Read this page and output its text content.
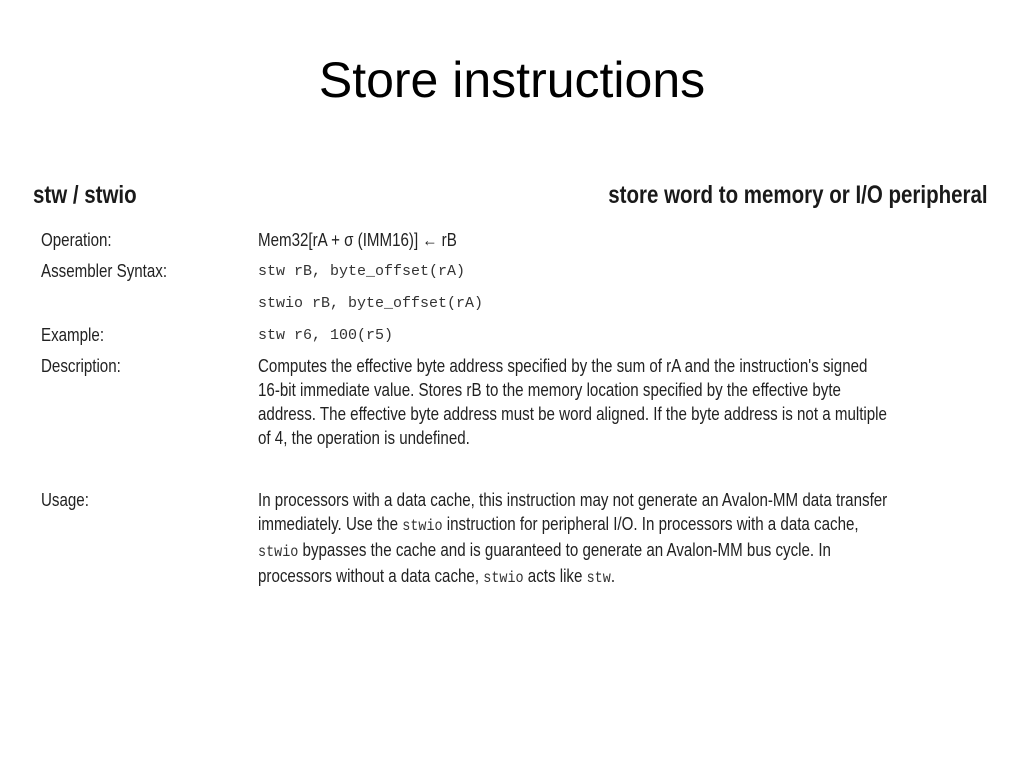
Store instructions
stw / stwio	store word to memory or I/O peripheral
Operation:	Mem32[rA + σ (IMM16)] ← rB
Assembler Syntax:	stw rB, byte_offset(rA)
stwio rB, byte_offset(rA)
Example:	stw r6, 100(r5)
Description:	Computes the effective byte address specified by the sum of rA and the instruction's signed
16-bit immediate value. Stores rB to the memory location specified by the effective byte
address. The effective byte address must be word aligned. If the byte address is not a multiple
of 4, the operation is undefined.
Usage:	In processors with a data cache, this instruction may not generate an Avalon-MM data transfer
immediately. Use the stwio instruction for peripheral I/O. In processors with a data cache,
stwio bypasses the cache and is guaranteed to generate an Avalon-MM bus cycle. In
processors without a data cache, stwio acts like stw.
